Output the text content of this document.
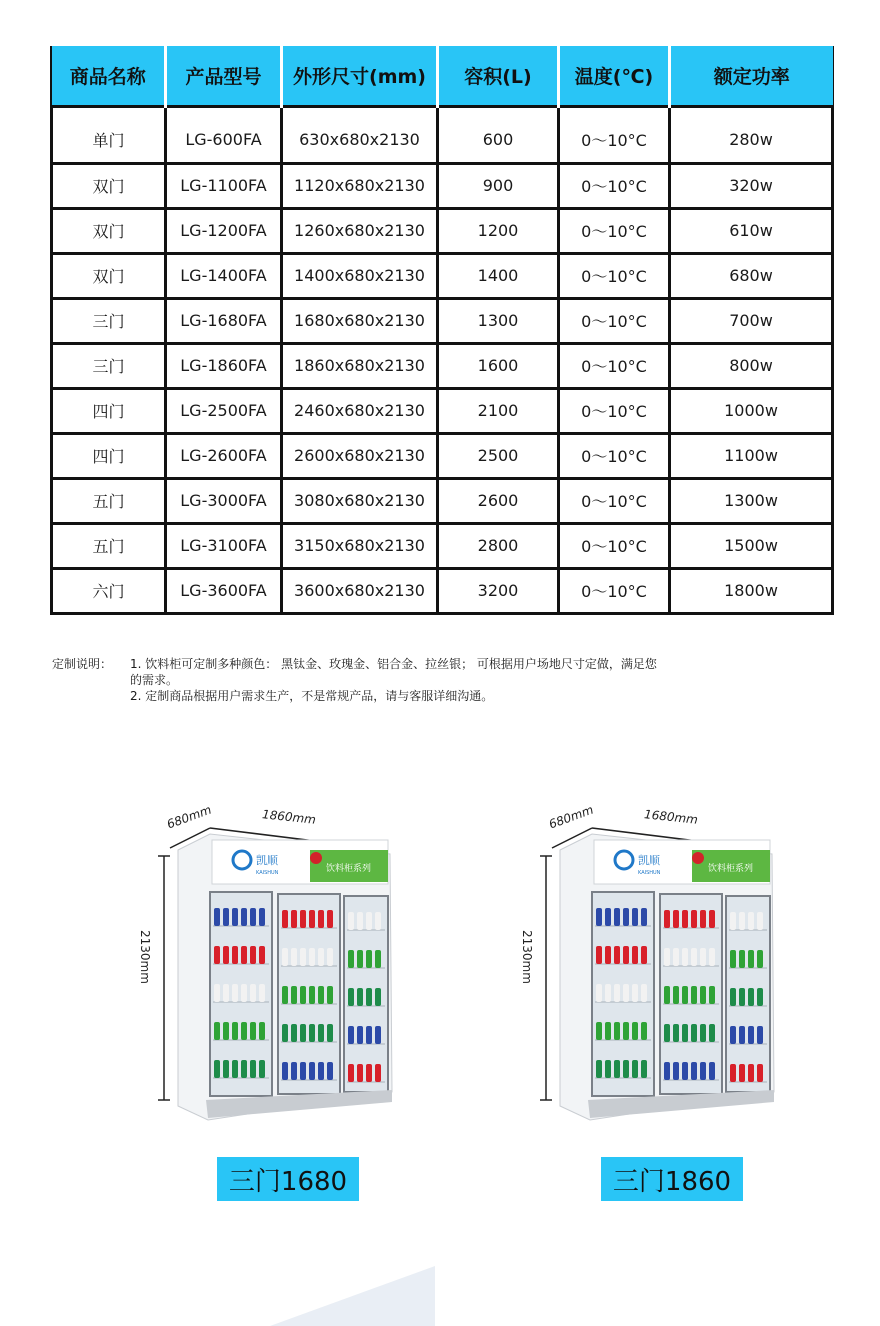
商品名称	产品型号	外形尺寸(mm)	容积(L)	温度(℃)	额定功率
单门	LG-600FA	630x680x2130	600	0～10°C	280w
双门	LG-1100FA	1120x680x2130	900	0～10°C	320w
双门	LG-1200FA	1260x680x2130	1200	0～10°C	610w
双门	LG-1400FA	1400x680x2130	1400	0～10°C	680w
三门	LG-1680FA	1680x680x2130	1300	0～10°C	700w
三门	LG-1860FA	1860x680x2130	1600	0～10°C	800w
四门	LG-2500FA	2460x680x2130	2100	0～10°C	1000w
四门	LG-2600FA	2600x680x2130	2500	0～10°C	1100w
五门	LG-3000FA	3080x680x2130	2600	0～10°C	1300w
五门	LG-3100FA	3150x680x2130	2800	0～10°C	1500w
六门	LG-3600FA	3600x680x2130	3200	0～10°C	1800w
定制说明： 1. 饮料柜可定制多种颜色： 黑钛金、玫瑰金、铝合金、拉丝银； 可根据用户场地尺寸定做，满足您
的需求。
2. 定制商品根据用户需求生产，不是常规产品，请与客服详细沟通。
凯顺
KAISHUN	饮料柜系列
680mm	1860mm
2130mm
凯顺
KAISHUN	饮料柜系列
680mm	1680mm
2130mm
三门1680	三门1860
